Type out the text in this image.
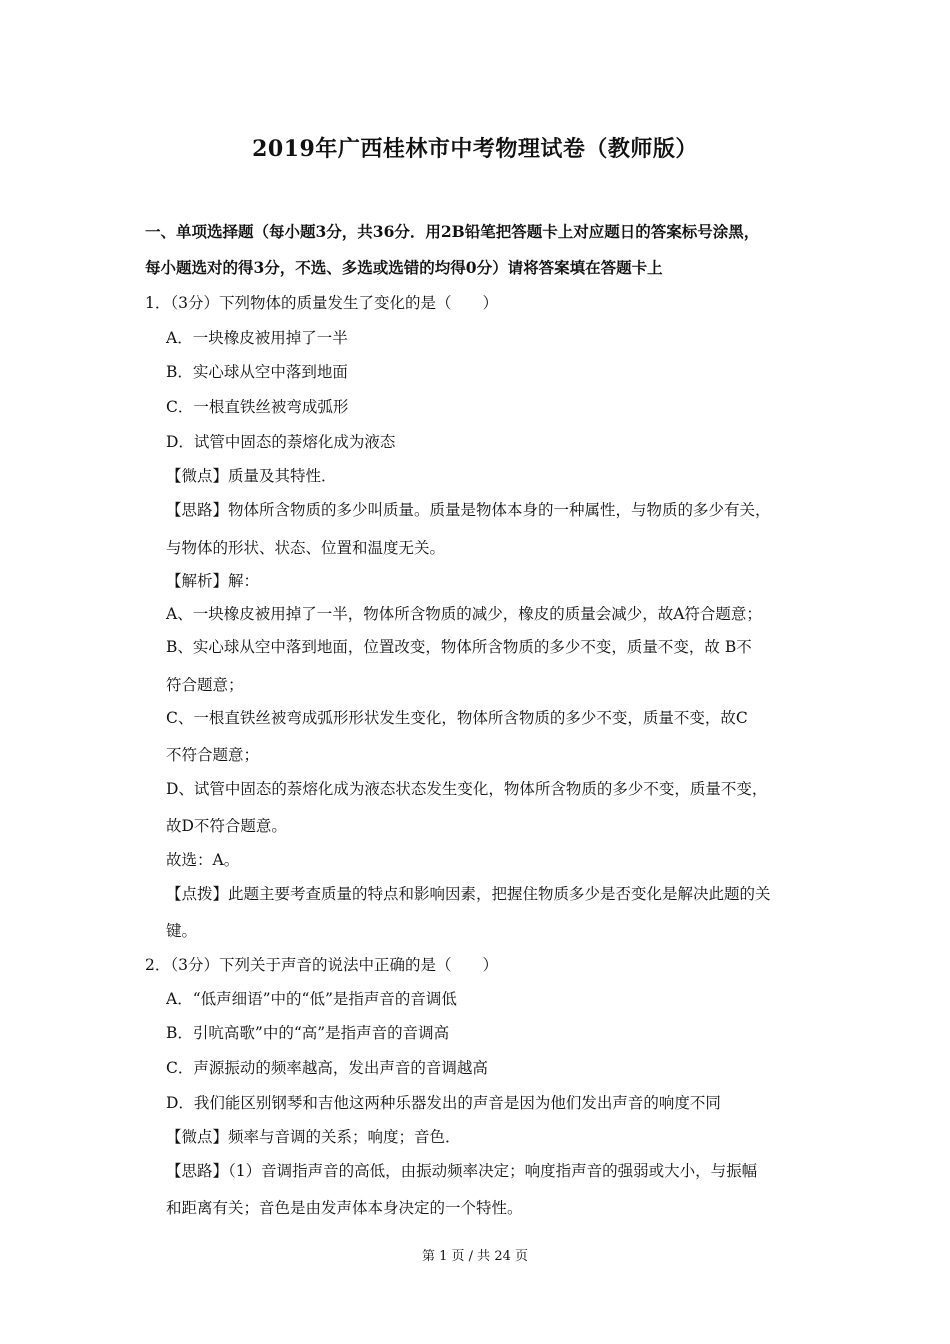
2019年广西桂林市中考物理试卷（教师版）
一、单项选择题（每小题3分，共36分．用2B铅笔把答题卡上对应题日的答案标号涂黑，
每小题选对的得3分，不选、多选或选错的均得0分）请将答案填在答题卡上
1．（3分）下列物体的质量发生了变化的是（　　）
A．一块橡皮被用掉了一半
B．实心球从空中落到地面
C．一根直铁丝被弯成弧形
D．试管中固态的萘熔化成为液态
【微点】质量及其特性．
【思路】物体所含物质的多少叫质量。质量是物体本身的一种属性，与物质的多少有关，
与物体的形状、状态、位置和温度无关。
【解析】解：
A、一块橡皮被用掉了一半，物体所含物质的减少，橡皮的质量会减少，故A符合题意；
B、实心球从空中落到地面，位置改变，物体所含物质的多少不变，质量不变，故 B不
符合题意；
C、一根直铁丝被弯成弧形形状发生变化，物体所含物质的多少不变，质量不变，故C
不符合题意；
D、试管中固态的萘熔化成为液态状态发生变化，物体所含物质的多少不变，质量不变，
故D不符合题意。
故选：A。
【点拨】此题主要考查质量的特点和影响因素，把握住物质多少是否变化是解决此题的关
键。
2．（3分）下列关于声音的说法中正确的是（　　）
A．“低声细语”中的“低”是指声音的音调低
B．引吭高歌”中的“高”是指声音的音调高
C．声源振动的频率越高，发出声音的音调越高
D．我们能区别钢琴和吉他这两种乐器发出的声音是因为他们发出声音的响度不同
【微点】频率与音调的关系；响度；音色．
【思路】（1）音调指声音的高低，由振动频率决定；响度指声音的强弱或大小，与振幅
和距离有关；音色是由发声体本身决定的一个特性。
第 1 页 / 共 24 页
